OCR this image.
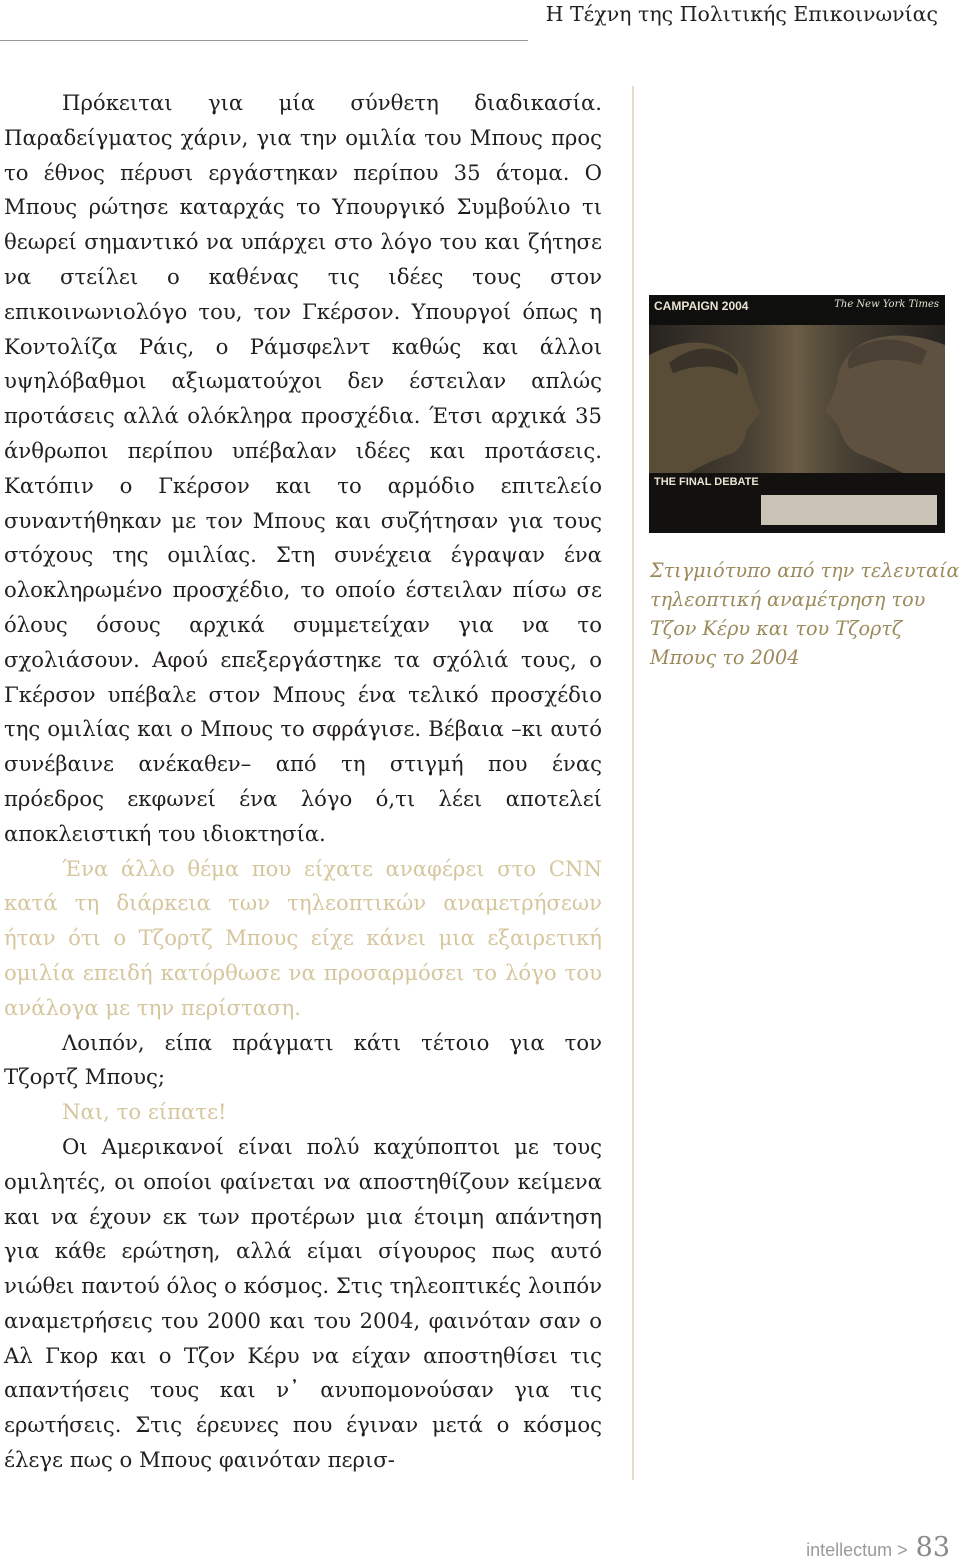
Η Τέχνη της Πολιτικής Επικοινωνίας

Πρόκειται για μία σύνθετη διαδικασία. Παραδείγματος χάριν, για την ομιλία του Μπους προς το έθνος πέρυσι εργάστηκαν περίπου 35 άτομα. Ο Μπους ρώτησε καταρχάς το Υπουργικό Συμβούλιο τι θεωρεί σημαντικό να υπάρχει στο λόγο του και ζήτησε να στείλει ο καθένας τις ιδέες τους στον επικοινωνιολόγο του, τον Γκέρσον. Υπουργοί όπως η Κοντολίζα Ράις, ο Ράμσφελντ καθώς και άλλοι υψηλόβαθμοι αξιωματούχοι δεν έστειλαν απλώς προτάσεις αλλά ολόκληρα προσχέδια. Έτσι αρχικά 35 άνθρωποι περίπου υπέβαλαν ιδέες και προτάσεις. Κατόπιν ο Γκέρσον και το αρμόδιο επιτελείο συναντήθηκαν με τον Μπους και συζήτησαν για τους στόχους της ομιλίας. Στη συνέχεια έγραψαν ένα ολοκληρωμένο προσχέδιο, το οποίο έστειλαν πίσω σε όλους όσους αρχικά συμμετείχαν για να το σχολιάσουν. Αφού επεξεργάστηκε τα σχόλιά τους, ο Γκέρσον υπέβαλε στον Μπους ένα τελικό προσχέδιο της ομιλίας και ο Μπους το σφράγισε. Βέβαια –κι αυτό συνέβαινε ανέκαθεν– από τη στιγμή που ένας πρόεδρος εκφωνεί ένα λόγο ό,τι λέει αποτελεί αποκλειστική του ιδιοκτησία.

Ένα άλλο θέμα που είχατε αναφέρει στο CNN κατά τη διάρκεια των τηλεοπτικών αναμετρήσεων ήταν ότι ο Τζορτζ Μπους είχε κάνει μια εξαιρετική ομιλία επειδή κατόρθωσε να προσαρμόσει το λόγο του ανάλογα με την περίσταση.

Λοιπόν, είπα πράγματι κάτι τέτοιο για τον Τζορτζ Μπους;

Ναι, το είπατε!

Οι Αμερικανοί είναι πολύ καχύποπτοι με τους ομιλητές, οι οποίοι φαίνεται να αποστηθίζουν κείμενα και να έχουν εκ των προτέρων μια έτοιμη απάντηση για κάθε ερώτηση, αλλά είμαι σίγουρος πως αυτό νιώθει παντού όλος ο κόσμος. Στις τηλεοπτικές λοιπόν αναμετρήσεις του 2000 και του 2004, φαινόταν σαν ο Αλ Γκορ και ο Τζον Κέρυ να είχαν αποστηθίσει τις απαντήσεις τους και ν᾽ ανυπομονούσαν για τις ερωτήσεις. Στις έρευνες που έγιναν μετά ο κόσμος έλεγε πως ο Μπους φαινόταν περισ-

CAMPAIGN 2004	The New York Times
THE FINAL DEBATE
Στιγμιότυπο από την τελευταία
τηλεοπτική αναμέτρηση του
Τζον Κέρυ και του Τζορτζ
Μπους το 2004
intellectum > 83
